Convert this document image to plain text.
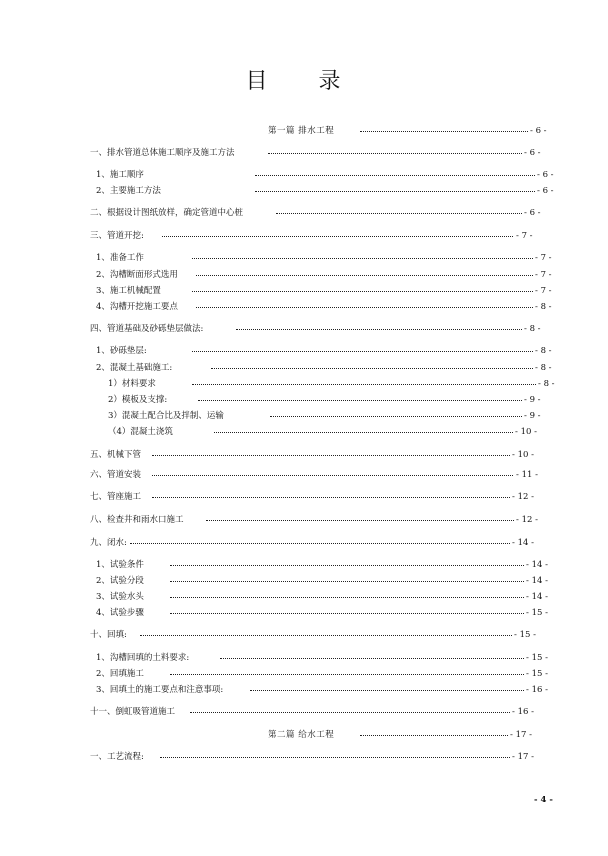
目 录
第一篇 排水工程	- 6 -
一、排水管道总体施工顺序及施工方法	- 6 -
1、施工顺序	- 6 -
2、主要施工方法	- 6 -
二、根据设计图纸放样，确定管道中心桩	- 6 -
三、管道开挖:	- 7 -
1、准备工作	- 7 -
2、沟槽断面形式选用	- 7 -
3、施工机械配置	- 7 -
4、沟槽开挖施工要点	- 8 -
四、管道基础及砂砾垫层做法:	- 8 -
1、砂砾垫层:	- 8 -
2、混凝土基础施工:	- 8 -
1）材料要求	- 8 -
2）模板及支撑:	- 9 -
3）混凝土配合比及拌制、运输	- 9 -
（4）混凝土浇筑	- 10 -
五、机械下管	- 10 -
六、管道安装	- 11 -
七、管座施工	- 12 -
八、检查井和雨水口施工	- 12 -
九、闭水:	- 14 -
1、试验条件	- 14 -
2、试验分段	- 14 -
3、试验水头	- 14 -
4、试验步骤	- 15 -
十、回填:	- 15 -
1、沟槽回填的土料要求:	- 15 -
2、回填施工	- 15 -
3、回填土的施工要点和注意事项:	- 16 -
十一、倒虹吸管道施工	- 16 -
第二篇 给水工程	- 17 -
一、工艺流程:	- 17 -
- 4 -
